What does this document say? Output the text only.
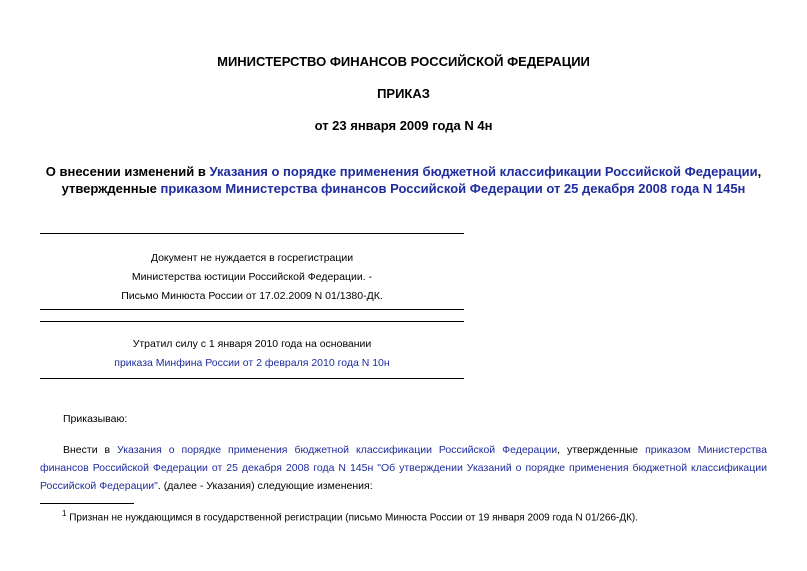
МИНИСТЕРСТВО ФИНАНСОВ РОССИЙСКОЙ ФЕДЕРАЦИИ
ПРИКАЗ
от 23 января 2009 года N 4н
О внесении изменений в Указания о порядке применения бюджетной классификации Российской Федерации, утвержденные приказом Министерства финансов Российской Федерации от 25 декабря 2008 года N 145н
Документ не нуждается в госрегистрации
Министерства юстиции Российской Федерации. -
Письмо Минюста России от 17.02.2009 N 01/1380-ДК.
Утратил силу с 1 января 2010 года на основании
приказа Минфина России от 2 февраля 2010 года N 10н
Приказываю:
Внести в Указания о порядке применения бюджетной классификации Российской Федерации, утвержденные приказом Министерства финансов Российской Федерации от 25 декабря 2008 года N 145н "Об утверждении Указаний о порядке применения бюджетной классификации Российской Федерации". (далее - Указания) следующие изменения:
$^1$ Признан не нуждающимся в государственной регистрации (письмо Минюста России от 19 января 2009 года N 01/266-ДК).
